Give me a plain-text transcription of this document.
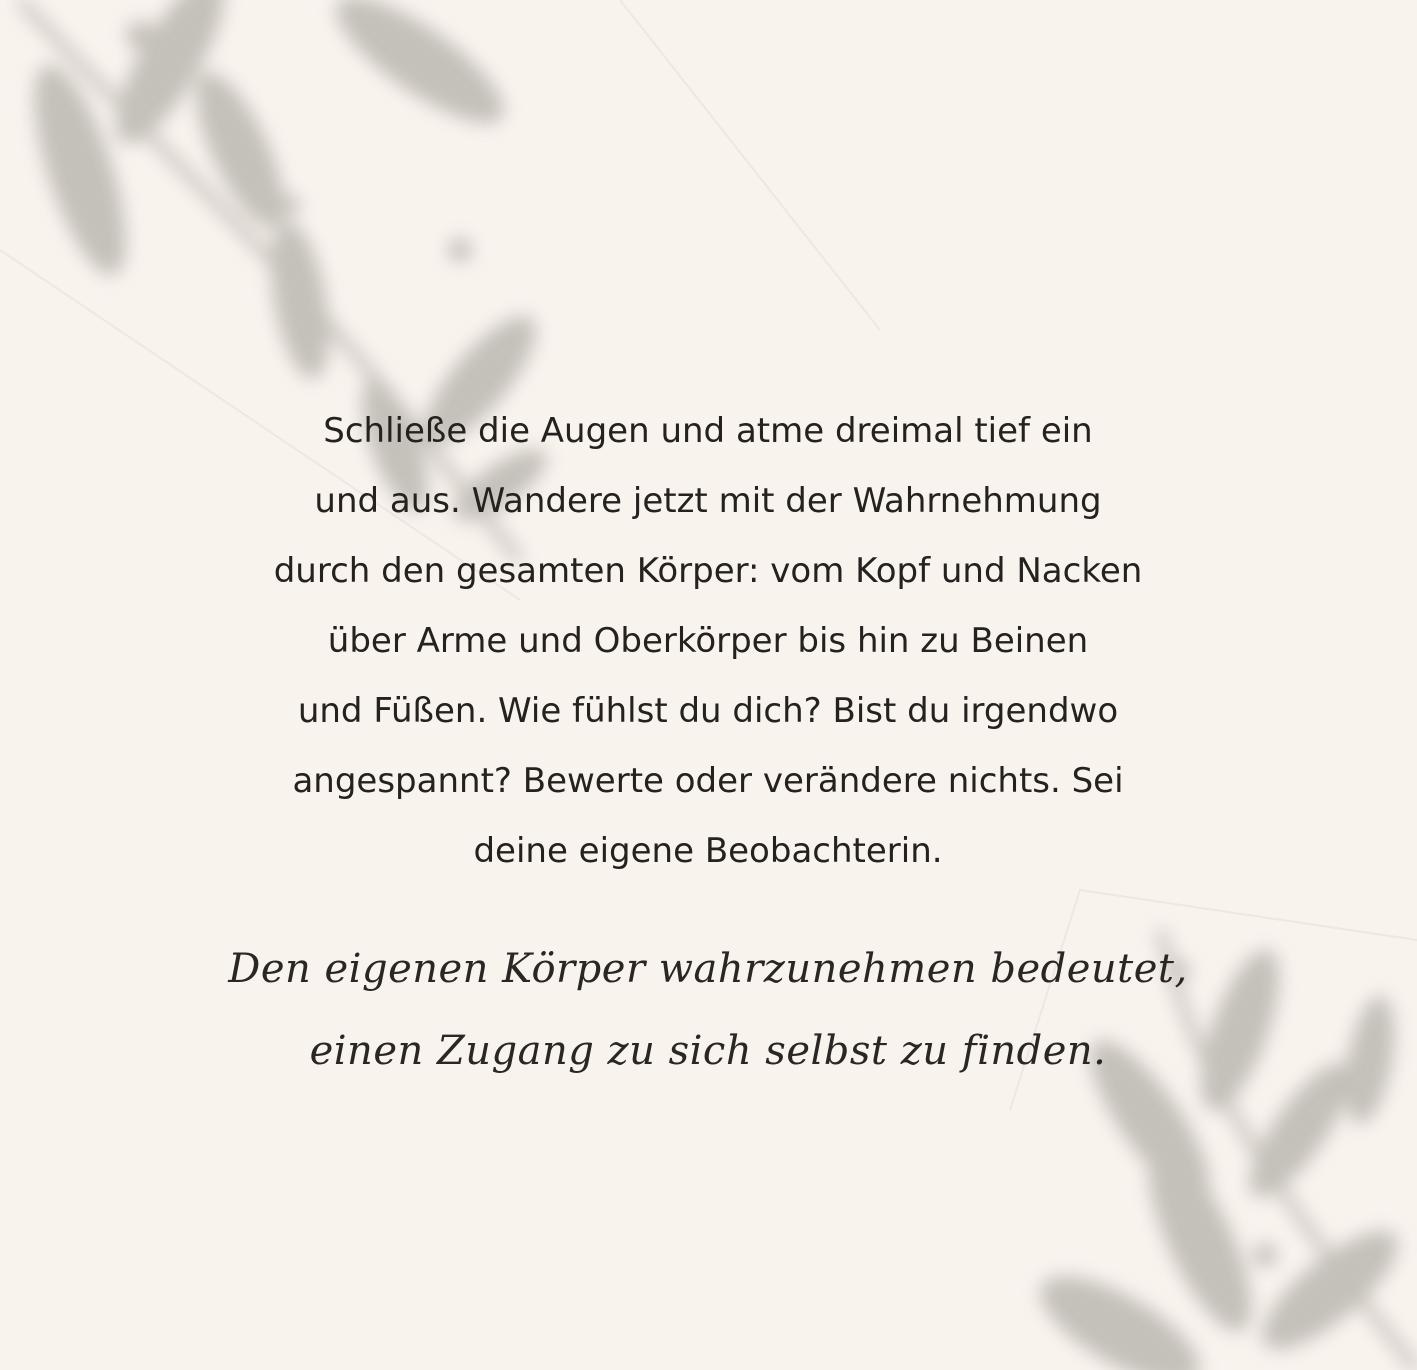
Schließe die Augen und atme dreimal tief ein
und aus. Wandere jetzt mit der Wahrnehmung
durch den gesamten Körper: vom Kopf und Nacken
über Arme und Oberkörper bis hin zu Beinen
und Füßen. Wie fühlst du dich? Bist du irgendwo
angespannt? Bewerte oder verändere nichts. Sei
deine eigene Beobachterin.

Den eigenen Körper wahrzunehmen bedeutet,
einen Zugang zu sich selbst zu finden.
